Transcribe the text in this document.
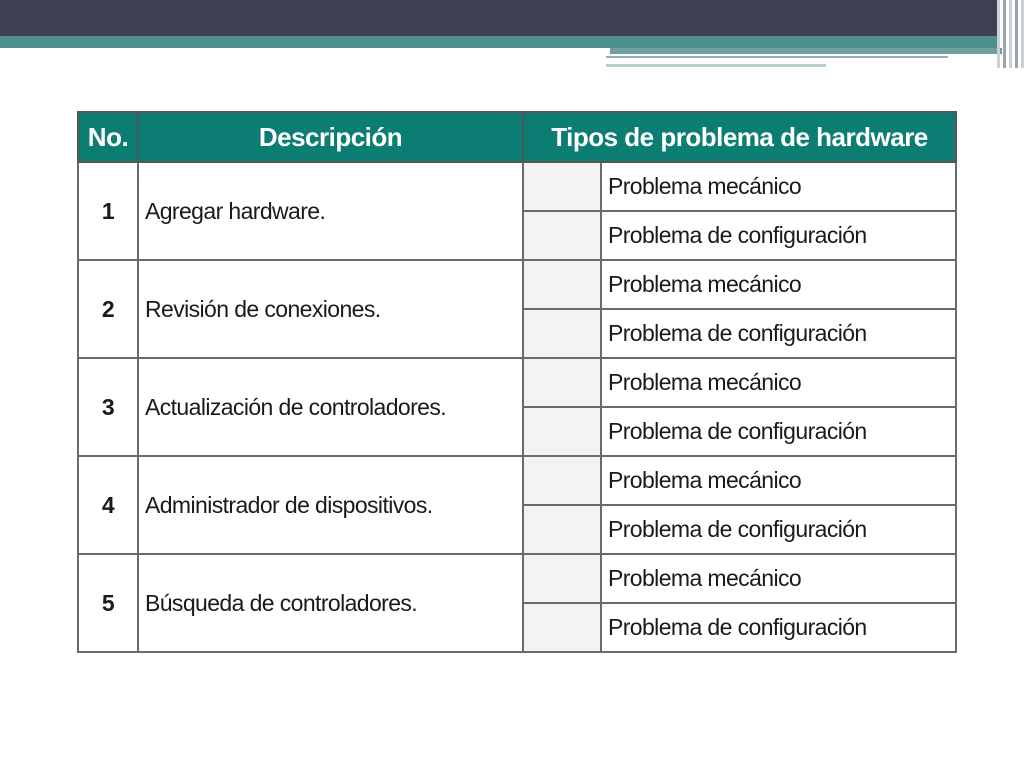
No.	Descripción	Tipos de problema de hardware	
1	Agregar hardware.		Problema mecánico
			Problema de configuración
2	Revisión de conexiones.		Problema mecánico
			Problema de configuración
3	Actualización de controladores.		Problema mecánico
			Problema de configuración
4	Administrador de dispositivos.		Problema mecánico
			Problema de configuración
5	Búsqueda de controladores.		Problema mecánico
			Problema de configuración
